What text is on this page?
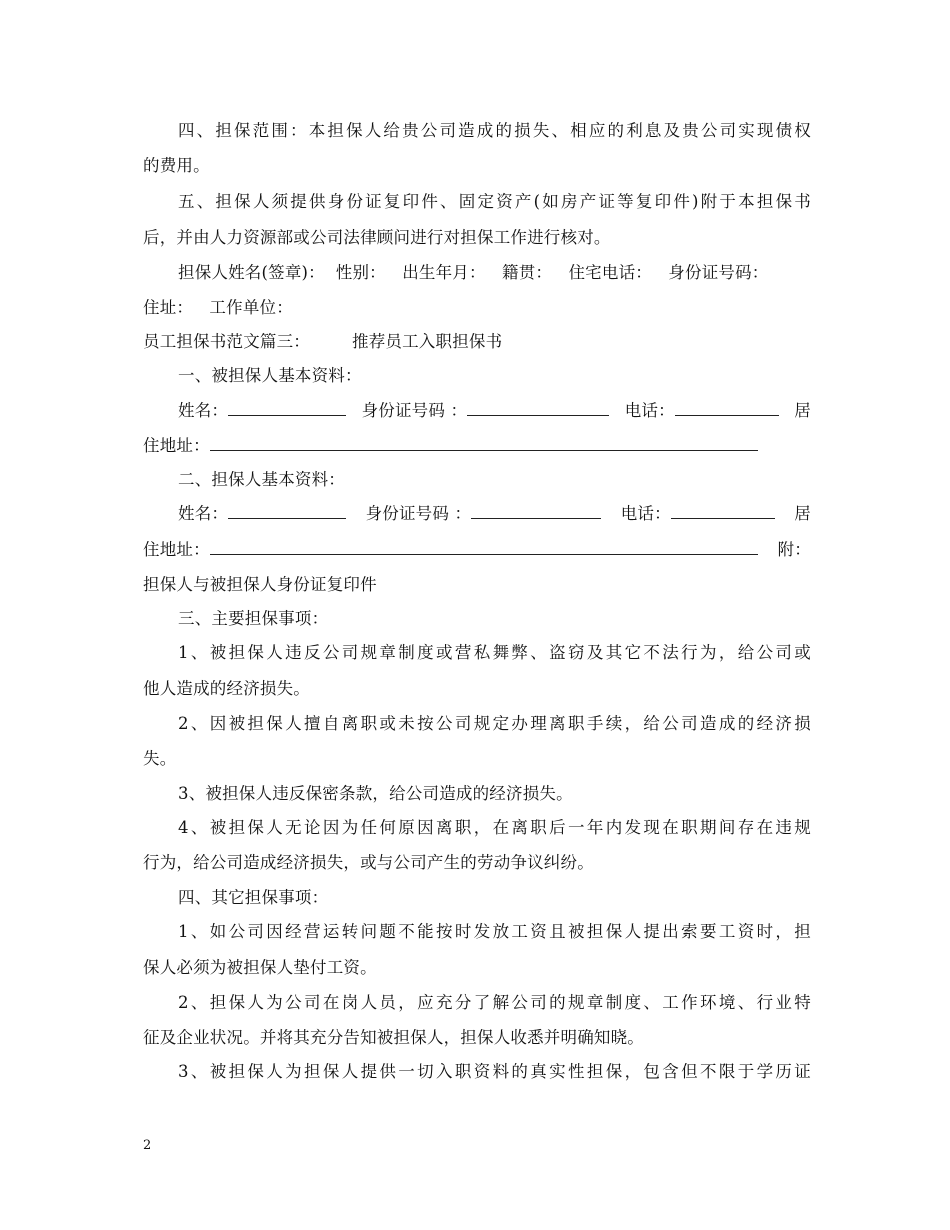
四、担保范围：本担保人给贵公司造成的损失、相应的利息及贵公司实现债权
的费用。
五、担保人须提供身份证复印件、固定资产(如房产证等复印件)附于本担保书
后，并由人力资源部或公司法律顾问进行对担保工作进行核对。
担保人姓名(签章)：  性别：   出生年月：   籍贯：   住宅电话：   身份证号码：
住址：   工作单位：
员工担保书范文篇三：	推荐员工入职担保书
一、被担保人基本资料：
姓名：	身份证号码 ：	电话：	居
住地址：
二、担保人基本资料：
姓名：	身份证号码 ：	电话：	居
住地址：	附：
担保人与被担保人身份证复印件
三、主要担保事项：
1、被担保人违反公司规章制度或营私舞弊、盗窃及其它不法行为，给公司或
他人造成的经济损失。
2、因被担保人擅自离职或未按公司规定办理离职手续，给公司造成的经济损
失。
3、被担保人违反保密条款，给公司造成的经济损失。
4、被担保人无论因为任何原因离职，在离职后一年内发现在职期间存在违规
行为，给公司造成经济损失，或与公司产生的劳动争议纠纷。
四、其它担保事项：
1、如公司因经营运转问题不能按时发放工资且被担保人提出索要工资时，担
保人必须为被担保人垫付工资。
2、担保人为公司在岗人员，应充分了解公司的规章制度、工作环境、行业特
征及企业状况。并将其充分告知被担保人，担保人收悉并明确知晓。
3、被担保人为担保人提供一切入职资料的真实性担保，包含但不限于学历证
2
